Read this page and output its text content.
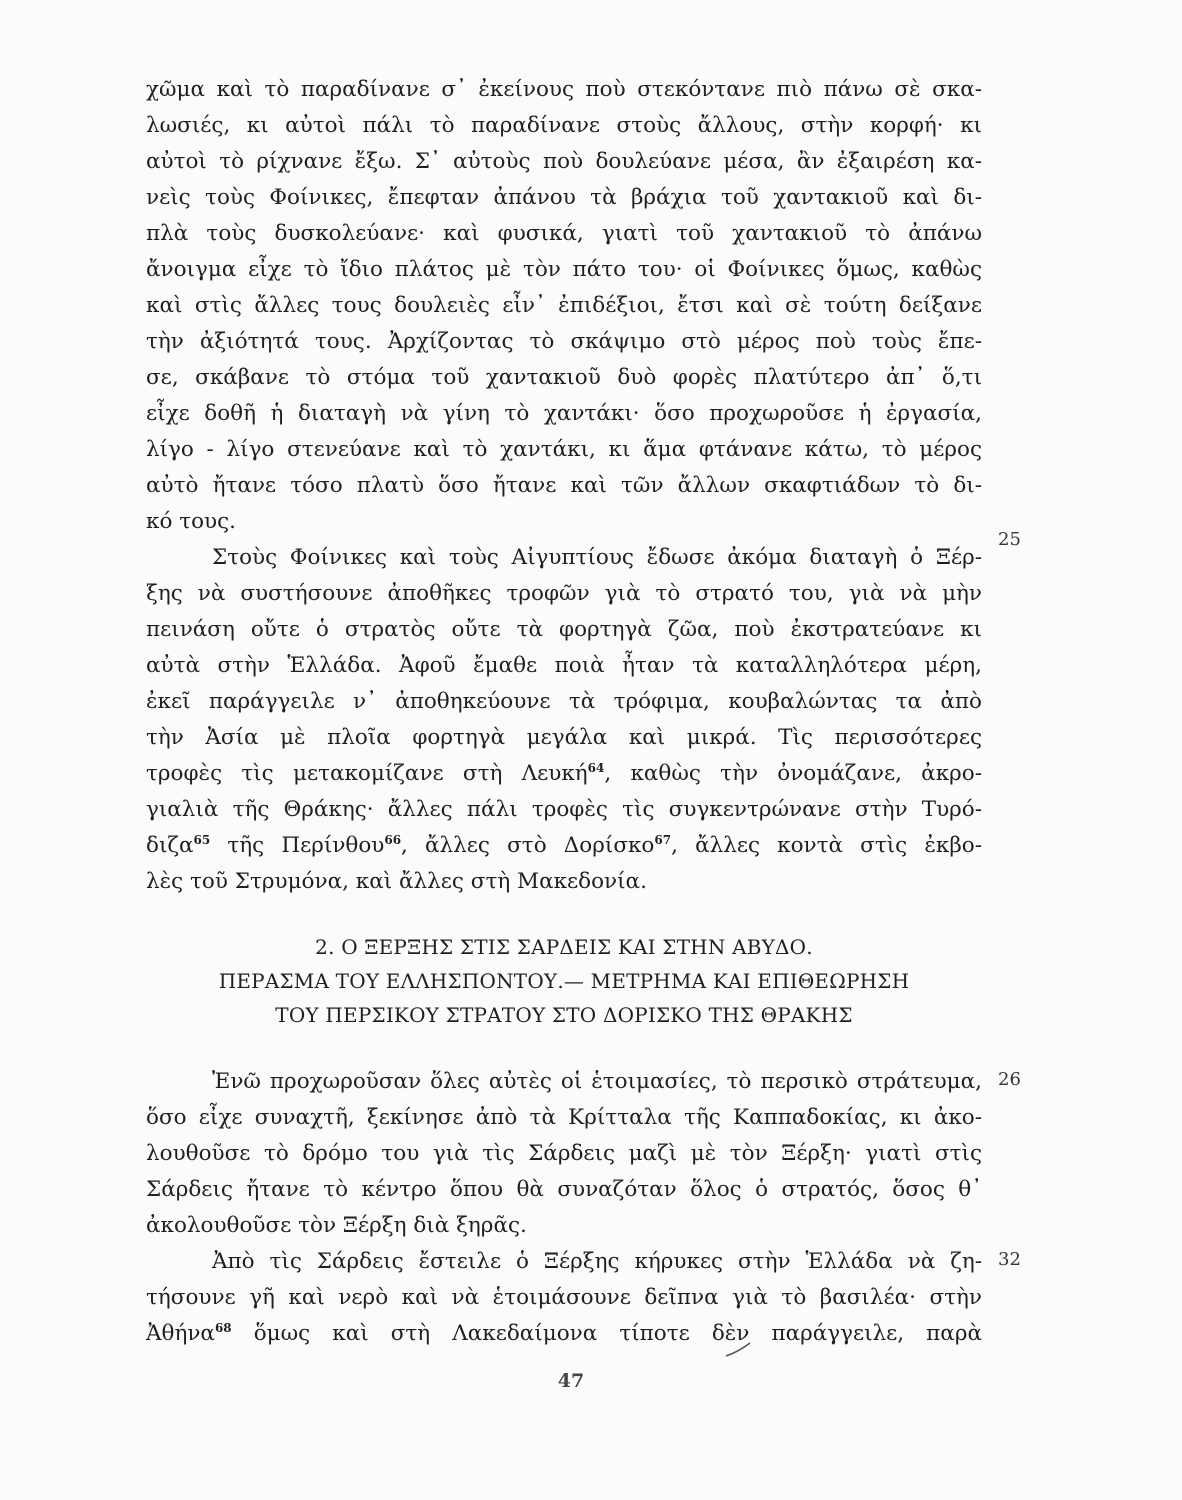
χῶμα καὶ τὸ παραδίνανε σ᾽ ἐκείνους ποὺ στεκόντανε πιὸ πάνω σὲ σκα-
λωσιές, κι αὐτοὶ πάλι τὸ παραδίνανε στοὺς ἄλλους, στὴν κορφή· κι
αὐτοὶ τὸ ρίχνανε ἔξω. Σ᾽ αὐτοὺς ποὺ δουλεύανε μέσα, ἂν ἐξαιρέση κα-
νεὶς τοὺς Φοίνικες, ἔπεφταν ἀπάνου τὰ βράχια τοῦ χαντακιοῦ καὶ δι-
πλὰ τοὺς δυσκολεύανε· καὶ φυσικά, γιατὶ τοῦ χαντακιοῦ τὸ ἀπάνω
ἄνοιγμα εἶχε τὸ ἴδιο πλάτος μὲ τὸν πάτο του· οἱ Φοίνικες ὅμως, καθὼς
καὶ στὶς ἄλλες τους δουλειὲς εἶν᾽ ἐπιδέξιοι, ἔτσι καὶ σὲ τούτη δείξανε
τὴν ἀξιότητά τους. Ἀρχίζοντας τὸ σκάψιμο στὸ μέρος ποὺ τοὺς ἔπε-
σε, σκάβανε τὸ στόμα τοῦ χαντακιοῦ δυὸ φορὲς πλατύτερο ἀπ᾽ ὅ,τι
εἶχε δοθῆ ἡ διαταγὴ νὰ γίνη τὸ χαντάκι· ὅσο προχωροῦσε ἡ ἐργασία,
λίγο - λίγο στενεύανε καὶ τὸ χαντάκι, κι ἅμα φτάνανε κάτω, τὸ μέρος
αὐτὸ ἤτανε τόσο πλατὺ ὅσο ἤτανε καὶ τῶν ἄλλων σκαφτιάδων τὸ δι-
κό τους.
25
Στοὺς Φοίνικες καὶ τοὺς Αἰγυπτίους ἔδωσε ἀκόμα διαταγὴ ὁ Ξέρ-
ξης νὰ συστήσουνε ἀποθῆκες τροφῶν γιὰ τὸ στρατό του, γιὰ νὰ μὴν
πεινάση οὔτε ὁ στρατὸς οὔτε τὰ φορτηγὰ ζῶα, ποὺ ἐκστρατεύανε κι
αὐτὰ στὴν Ἑλλάδα. Ἀφοῦ ἔμαθε ποιὰ ἦταν τὰ καταλληλότερα μέρη,
ἐκεῖ παράγγειλε ν᾽ ἀποθηκεύουνε τὰ τρόφιμα, κουβαλώντας τα ἀπὸ
τὴν Ἀσία μὲ πλοῖα φορτηγὰ μεγάλα καὶ μικρά. Τὶς περισσότερες
τροφὲς τὶς μετακομίζανε στὴ Λευκή$^{64}$, καθὼς τὴν ὀνομάζανε, ἀκρο-
γιαλιὰ τῆς Θράκης· ἄλλες πάλι τροφὲς τὶς συγκεντρώνανε στὴν Τυρό-
διζα$^{65}$ τῆς Περίνθου$^{66}$, ἄλλες στὸ Δορίσκο$^{67}$, ἄλλες κοντὰ στὶς ἐκβο-
λὲς τοῦ Στρυμόνα, καὶ ἄλλες στὴ Μακεδονία.
2. Ο ΞΕΡΞΗΣ ΣΤΙΣ ΣΑΡΔΕΙΣ ΚΑΙ ΣΤΗΝ ΑΒΥΔΟ.
ΠΕΡΑΣΜΑ ΤΟΥ ΕΛΛΗΣΠΟΝΤΟΥ.— ΜΕΤΡΗΜΑ ΚΑΙ ΕΠΙΘΕΩΡΗΣΗ
ΤΟΥ ΠΕΡΣΙΚΟΥ ΣΤΡΑΤΟΥ ΣΤΟ ΔΟΡΙΣΚΟ ΤΗΣ ΘΡΑΚΗΣ
26
Ἐνῶ προχωροῦσαν ὅλες αὐτὲς οἱ ἑτοιμασίες, τὸ περσικὸ στράτευμα,
ὅσο εἶχε συναχτῆ, ξεκίνησε ἀπὸ τὰ Κρίτταλα τῆς Καππαδοκίας, κι ἀκο-
λουθοῦσε τὸ δρόμο του γιὰ τὶς Σάρδεις μαζὶ μὲ τὸν Ξέρξη· γιατὶ στὶς
Σάρδεις ἤτανε τὸ κέντρο ὅπου θὰ συναζόταν ὅλος ὁ στρατός, ὅσος θ᾽
ἀκολουθοῦσε τὸν Ξέρξη διὰ ξηρᾶς.
32
Ἀπὸ τὶς Σάρδεις ἔστειλε ὁ Ξέρξης κήρυκες στὴν Ἑλλάδα νὰ ζη-
τήσουνε γῆ καὶ νερὸ καὶ νὰ ἑτοιμάσουνε δεῖπνα γιὰ τὸ βασιλέα· στὴν
Ἀθήνα$^{68}$ ὅμως καὶ στὴ Λακεδαίμονα τίποτε δὲν παράγγειλε, παρὰ
47
